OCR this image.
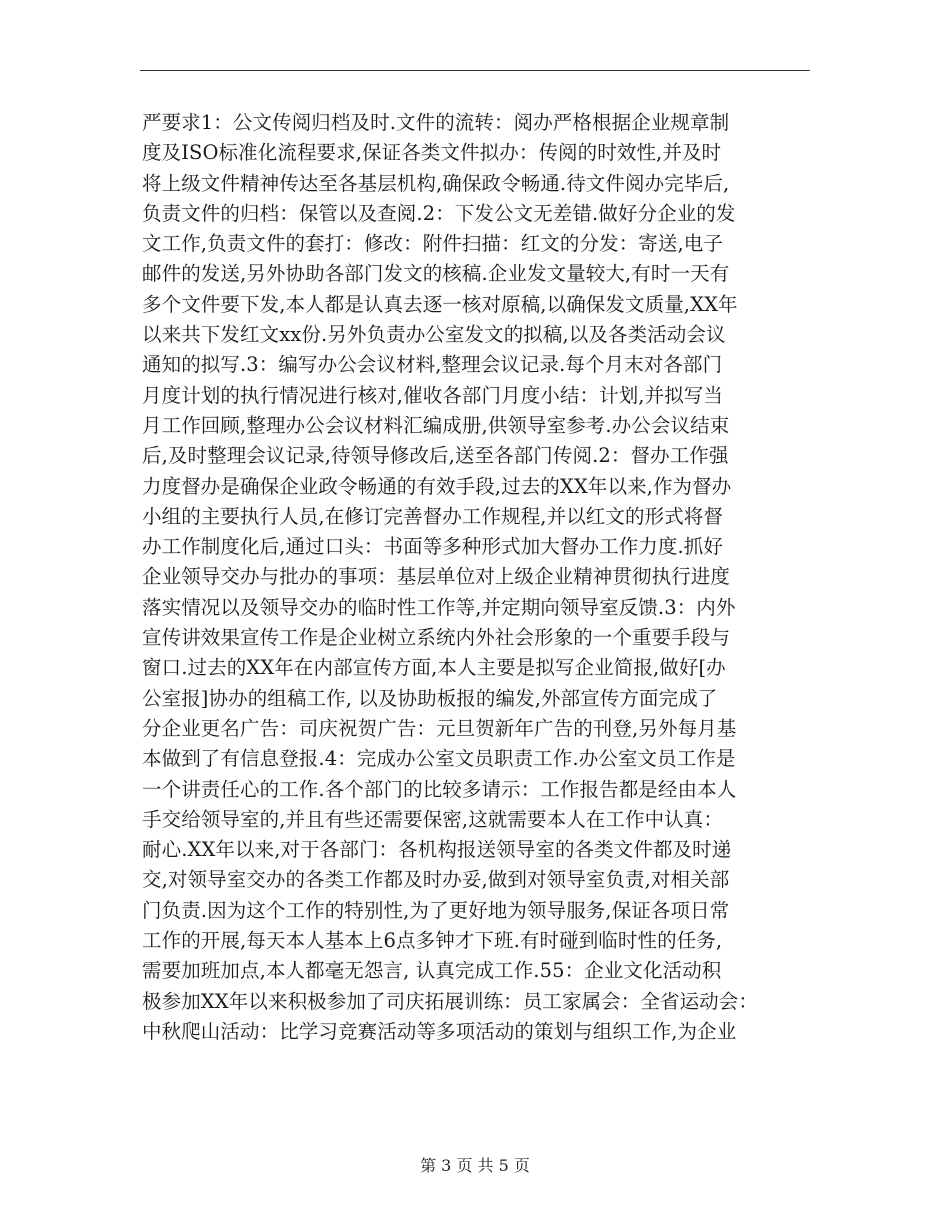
严要求1：公文传阅归档及时.文件的流转：阅办严格根据企业规章制
度及ISO标准化流程要求,保证各类文件拟办：传阅的时效性,并及时
将上级文件精神传达至各基层机构,确保政令畅通.待文件阅办完毕后,
负责文件的归档：保管以及查阅.2：下发公文无差错.做好分企业的发
文工作,负责文件的套打：修改：附件扫描：红文的分发：寄送,电子
邮件的发送,另外协助各部门发文的核稿.企业发文量较大,有时一天有
多个文件要下发,本人都是认真去逐一核对原稿,以确保发文质量,XX年
以来共下发红文xx份.另外负责办公室发文的拟稿,以及各类活动会议
通知的拟写.3：编写办公会议材料,整理会议记录.每个月末对各部门
月度计划的执行情况进行核对,催收各部门月度小结：计划,并拟写当
月工作回顾,整理办公会议材料汇编成册,供领导室参考.办公会议结束
后,及时整理会议记录,待领导修改后,送至各部门传阅.2：督办工作强
力度督办是确保企业政令畅通的有效手段,过去的XX年以来,作为督办
小组的主要执行人员,在修订完善督办工作规程,并以红文的形式将督
办工作制度化后,通过口头：书面等多种形式加大督办工作力度.抓好
企业领导交办与批办的事项：基层单位对上级企业精神贯彻执行进度
落实情况以及领导交办的临时性工作等,并定期向领导室反馈.3：内外
宣传讲效果宣传工作是企业树立系统内外社会形象的一个重要手段与
窗口.过去的XX年在内部宣传方面,本人主要是拟写企业简报,做好[办
公室报]协办的组稿工作, 以及协助板报的编发,外部宣传方面完成了
分企业更名广告：司庆祝贺广告：元旦贺新年广告的刊登,另外每月基
本做到了有信息登报.4：完成办公室文员职责工作.办公室文员工作是
一个讲责任心的工作.各个部门的比较多请示：工作报告都是经由本人
手交给领导室的,并且有些还需要保密,这就需要本人在工作中认真：
耐心.XX年以来,对于各部门：各机构报送领导室的各类文件都及时递
交,对领导室交办的各类工作都及时办妥,做到对领导室负责,对相关部
门负责.因为这个工作的特别性,为了更好地为领导服务,保证各项日常
工作的开展,每天本人基本上6点多钟才下班.有时碰到临时性的任务,
需要加班加点,本人都毫无怨言, 认真完成工作.55：企业文化活动积
极参加XX年以来积极参加了司庆拓展训练：员工家属会：全省运动会：
中秋爬山活动：比学习竞赛活动等多项活动的策划与组织工作,为企业
第 3 页 共 5 页
